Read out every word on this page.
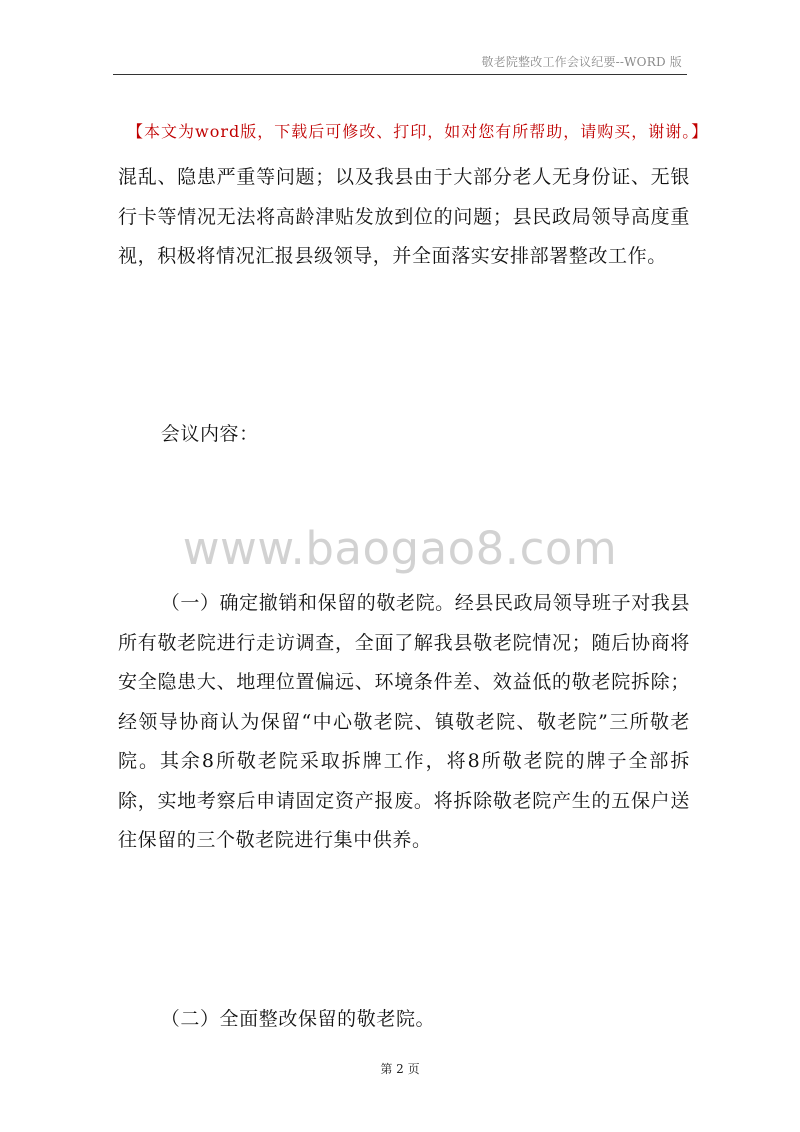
敬老院整改工作会议纪要--WORD 版
【本文为word版，下载后可修改、打印，如对您有所帮助，请购买，谢谢。】

混乱、隐患严重等问题；以及我县由于大部分老人无身份证、无银行卡等情况无法将高龄津贴发放到位的问题；县民政局领导高度重视，积极将情况汇报县级领导，并全面落实安排部署整改工作。

会议内容：

www.baogao8.com

（一）确定撤销和保留的敬老院。经县民政局领导班子对我县所有敬老院进行走访调查，全面了解我县敬老院情况；随后协商将安全隐患大、地理位置偏远、环境条件差、效益低的敬老院拆除；经领导协商认为保留“中心敬老院、镇敬老院、敬老院”三所敬老院。其余8所敬老院采取拆牌工作，将8所敬老院的牌子全部拆除，实地考察后申请固定资产报废。将拆除敬老院产生的五保户送往保留的三个敬老院进行集中供养。

（二）全面整改保留的敬老院。

第 2 页
